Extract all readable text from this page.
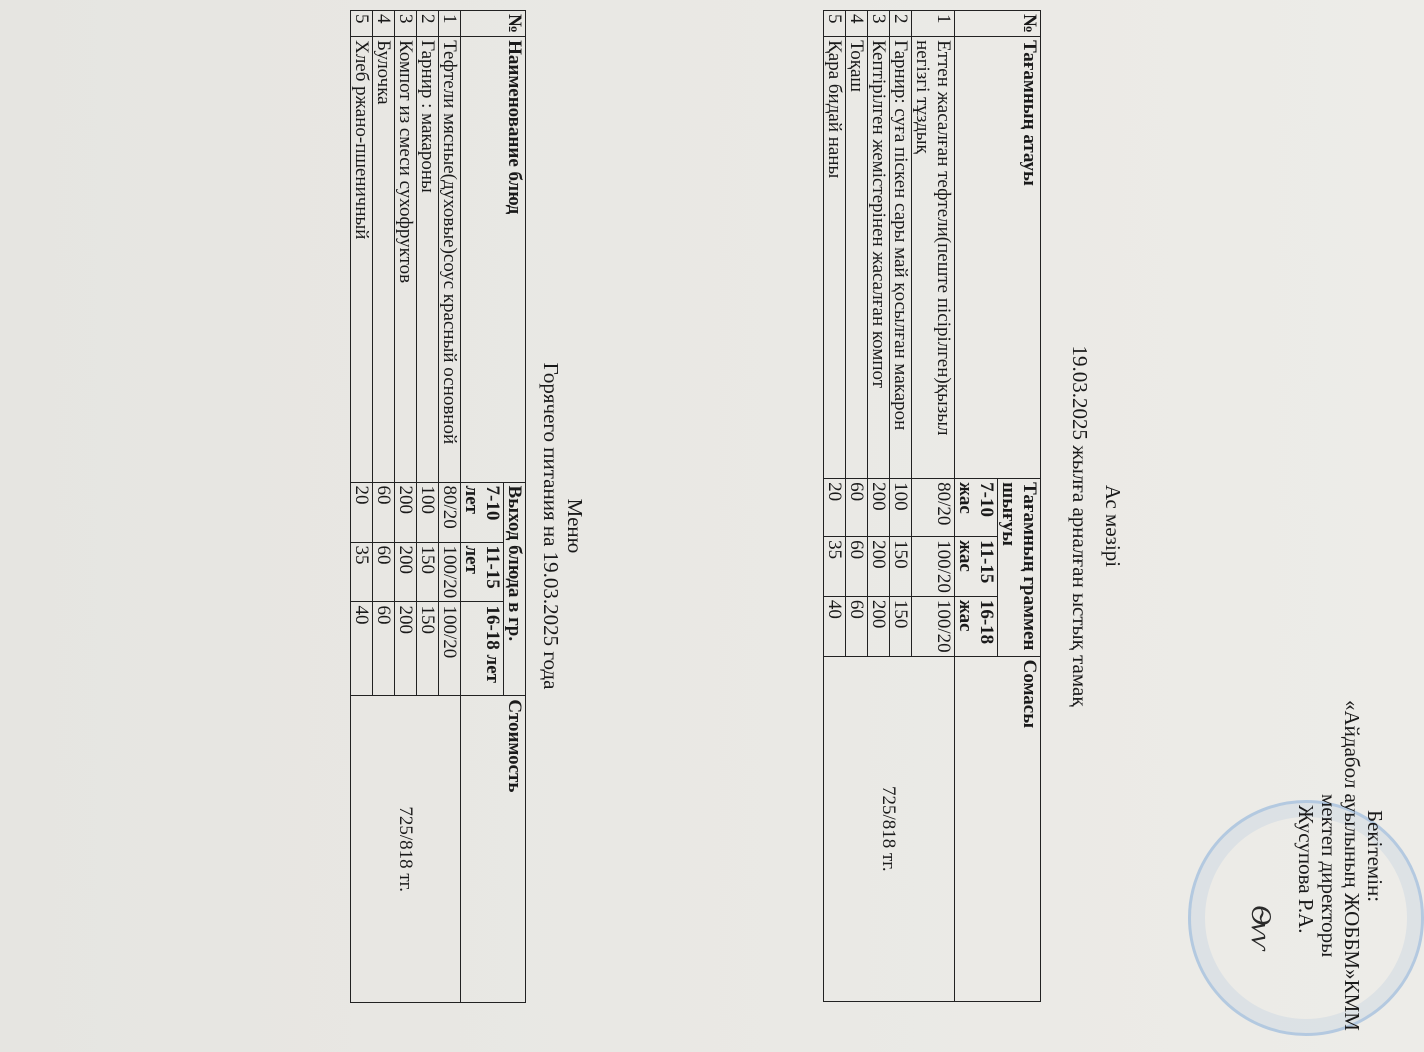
Ѳѵѵ
Бекітемін:
«Айдабол ауылының ЖОББМ»КММ
мектеп директоры
Жусупова Р.А.
Ас мәзірі
19.03.2025 жылға арналған ыстық тамақ
№	Тағамның атауы	Тағамның граммен шығуы			Сомасы
		7-10 жас	11-15 жас	16-18 жас	
1	Еттен жасалған тефтели(пеште пісірілген)қызыл негізгі тұздық	80/20	100/20	100/20	725/818 тг.
2	Гарнир: суға піскен сары май қосылған макарон	100	150	150	
3	Кептірілген жемістерінен жасалған компот	200	200	200	
4	Тоқаш	60	60	60	
5	Қара бидай наны	20	35	40	
Меню
Горячего питания на 19.03.2025 года
№	Наименование блюд	Выход блюда в гр.			Стоимость
		7-10 лет	11-15 лет	16-18 лет	
1	Тефтели мясные(духовые)соус красный основной	80/20	100/20	100/20	725/818 тг.
2	Гарнир : макароны	100	150	150	
3	Компот из смеси сухофруктов	200	200	200	
4	Булочка	60	60	60	
5	Хлеб ржано-пшеничный	20	35	40	
